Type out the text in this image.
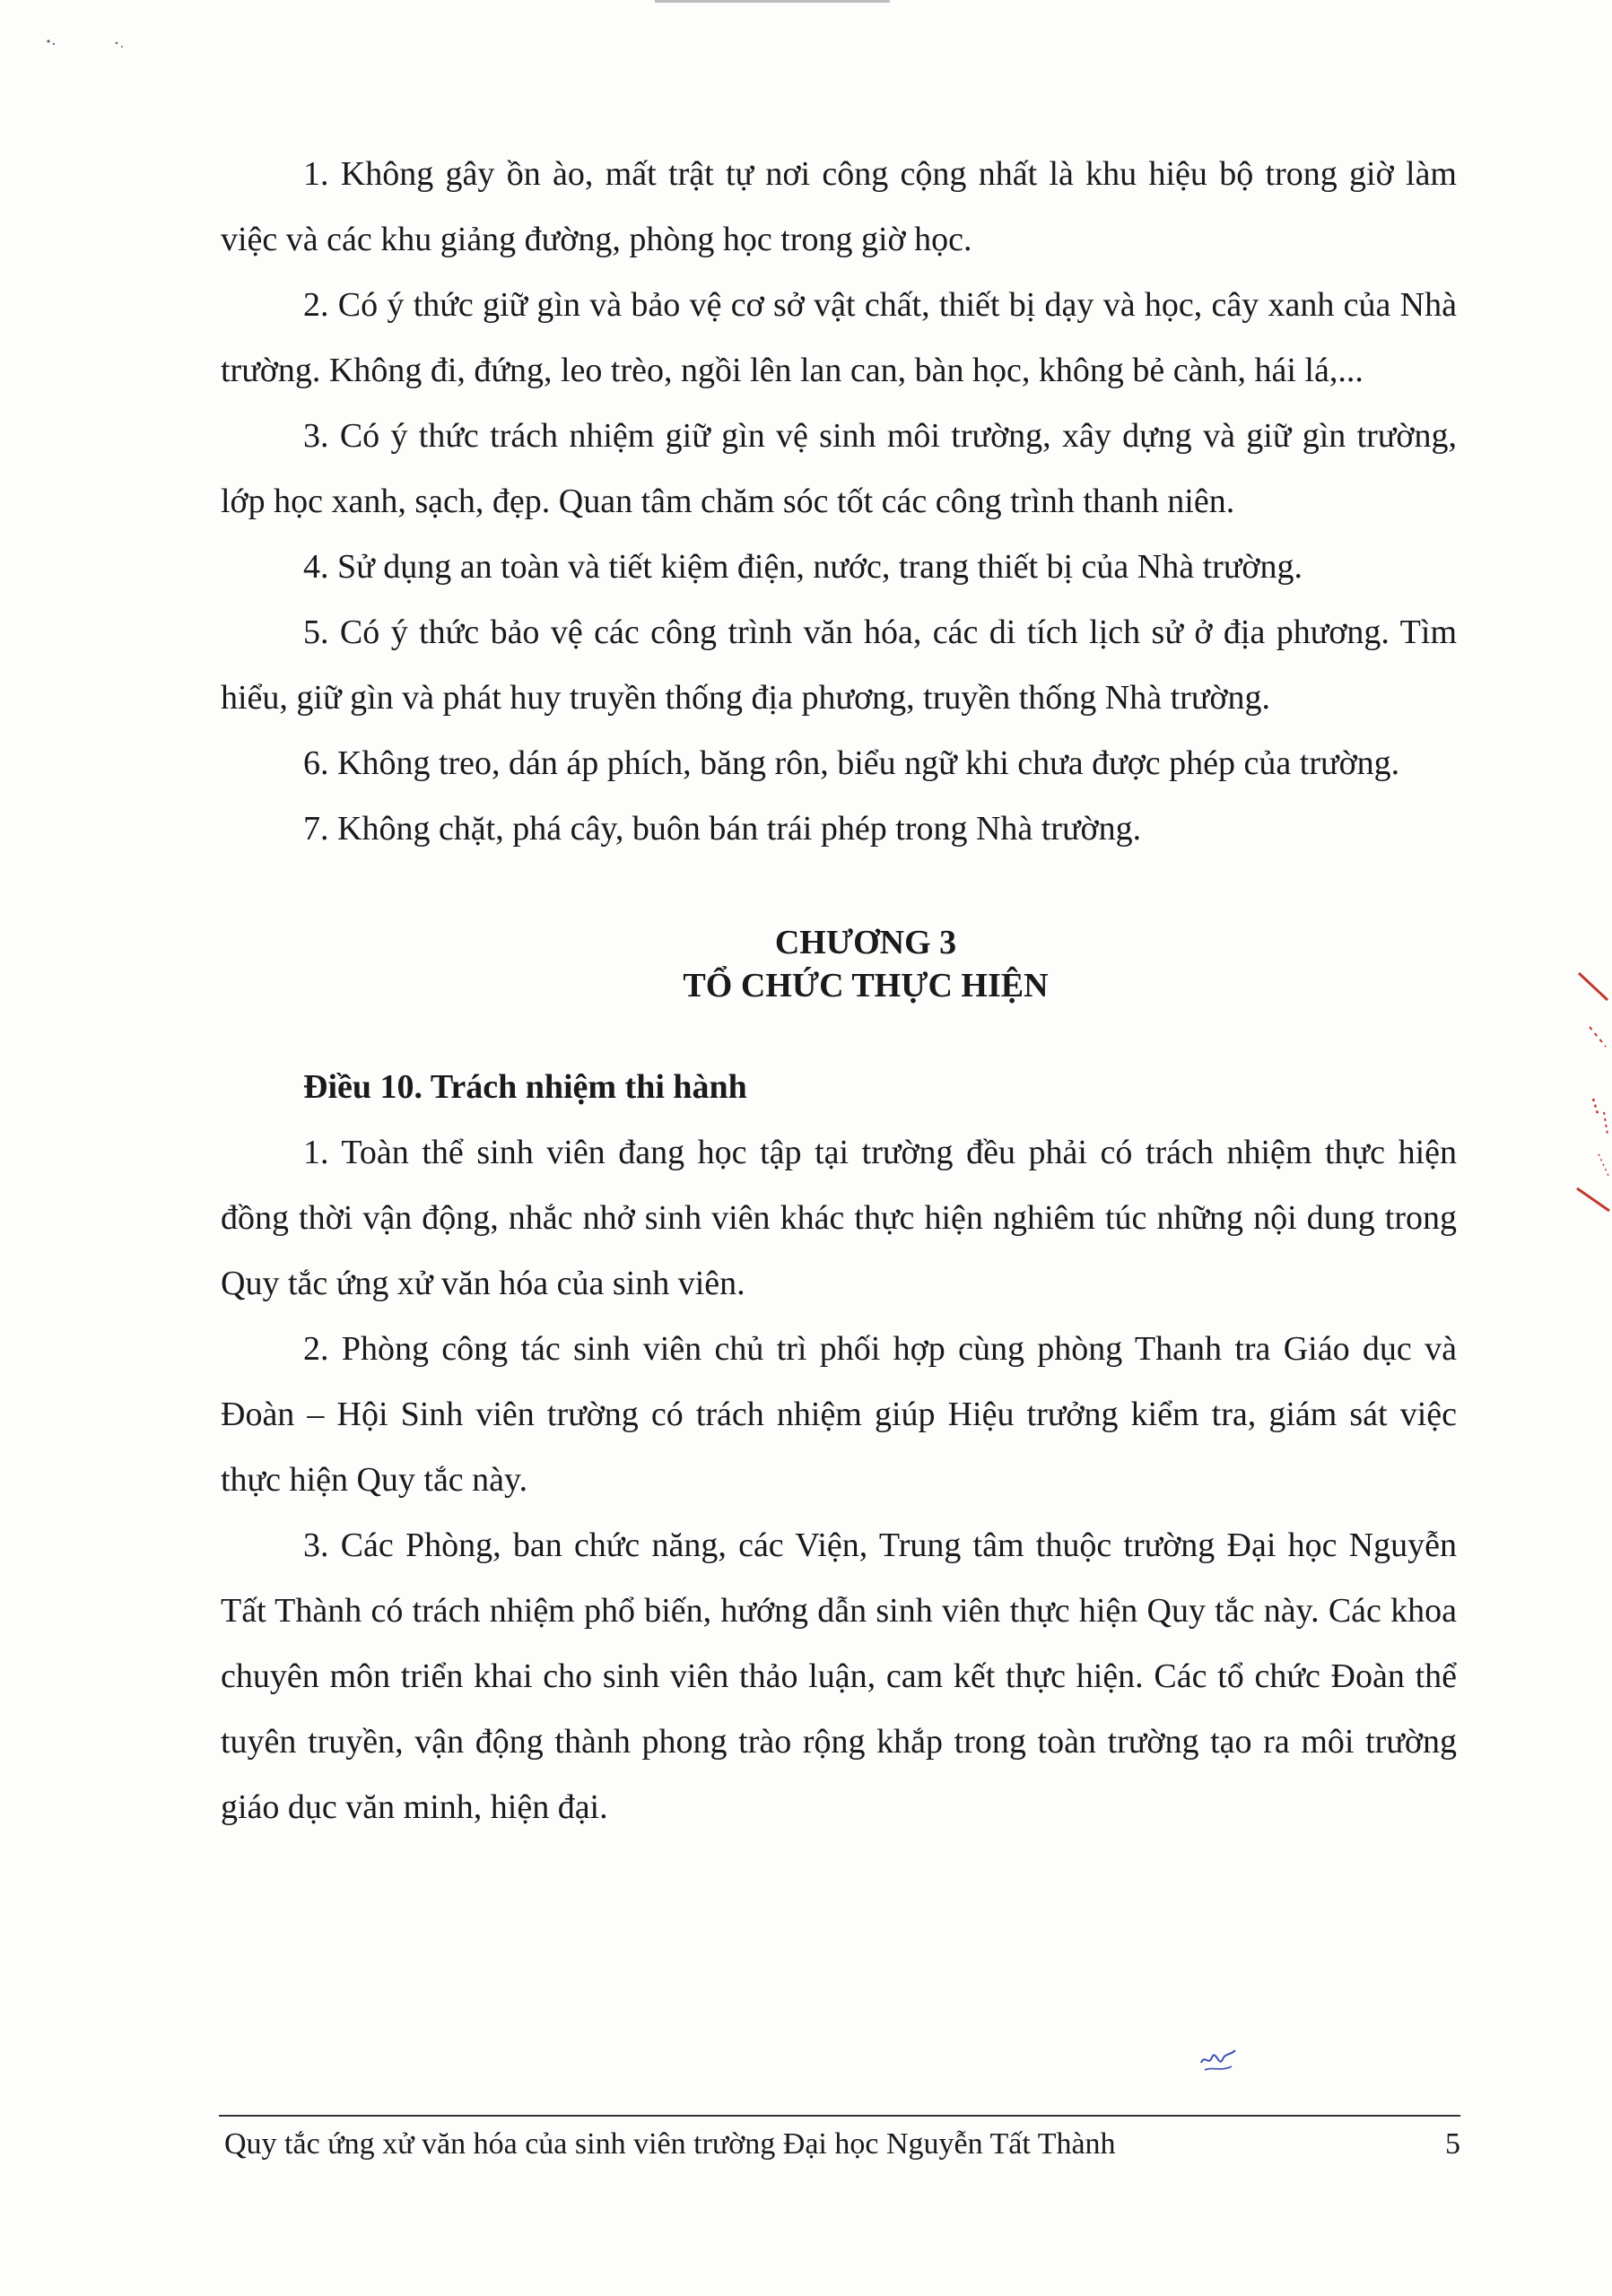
1. Không gây ồn ào, mất trật tự nơi công cộng nhất là khu hiệu bộ trong giờ làm việc và các khu giảng đường, phòng học trong giờ học.

2. Có ý thức giữ gìn và bảo vệ cơ sở vật chất, thiết bị dạy và học, cây xanh của Nhà trường. Không đi, đứng, leo trèo, ngồi lên lan can, bàn học, không bẻ cành, hái lá,...

3. Có ý thức trách nhiệm giữ gìn vệ sinh môi trường, xây dựng và giữ gìn trường, lớp học xanh, sạch, đẹp. Quan tâm chăm sóc tốt các công trình thanh niên.

4. Sử dụng an toàn và tiết kiệm điện, nước, trang thiết bị của Nhà trường.

5. Có ý thức bảo vệ các công trình văn hóa, các di tích lịch sử ở địa phương. Tìm hiểu, giữ gìn và phát huy truyền thống địa phương, truyền thống Nhà trường.

6. Không treo, dán áp phích, băng rôn, biểu ngữ khi chưa được phép của trường.

7. Không chặt, phá cây, buôn bán trái phép trong Nhà trường.

CHƯƠNG 3
TỔ CHỨC THỰC HIỆN
Điều 10. Trách nhiệm thi hành

1. Toàn thể sinh viên đang học tập tại trường đều phải có trách nhiệm thực hiện đồng thời vận động, nhắc nhở sinh viên khác thực hiện nghiêm túc những nội dung trong Quy tắc ứng xử văn hóa của sinh viên.

2. Phòng công tác sinh viên chủ trì phối hợp cùng phòng Thanh tra Giáo dục và Đoàn – Hội Sinh viên trường có trách nhiệm giúp Hiệu trưởng kiểm tra, giám sát việc thực hiện Quy tắc này.

3. Các Phòng, ban chức năng, các Viện, Trung tâm thuộc trường Đại học Nguyễn Tất Thành có trách nhiệm phổ biến, hướng dẫn sinh viên thực hiện Quy tắc này. Các khoa chuyên môn triển khai cho sinh viên thảo luận, cam kết thực hiện. Các tổ chức Đoàn thể tuyên truyền, vận động thành phong trào rộng khắp trong toàn trường tạo ra môi trường giáo dục văn minh, hiện đại.

Quy tắc ứng xử văn hóa của sinh viên trường Đại học Nguyễn Tất Thành	5
